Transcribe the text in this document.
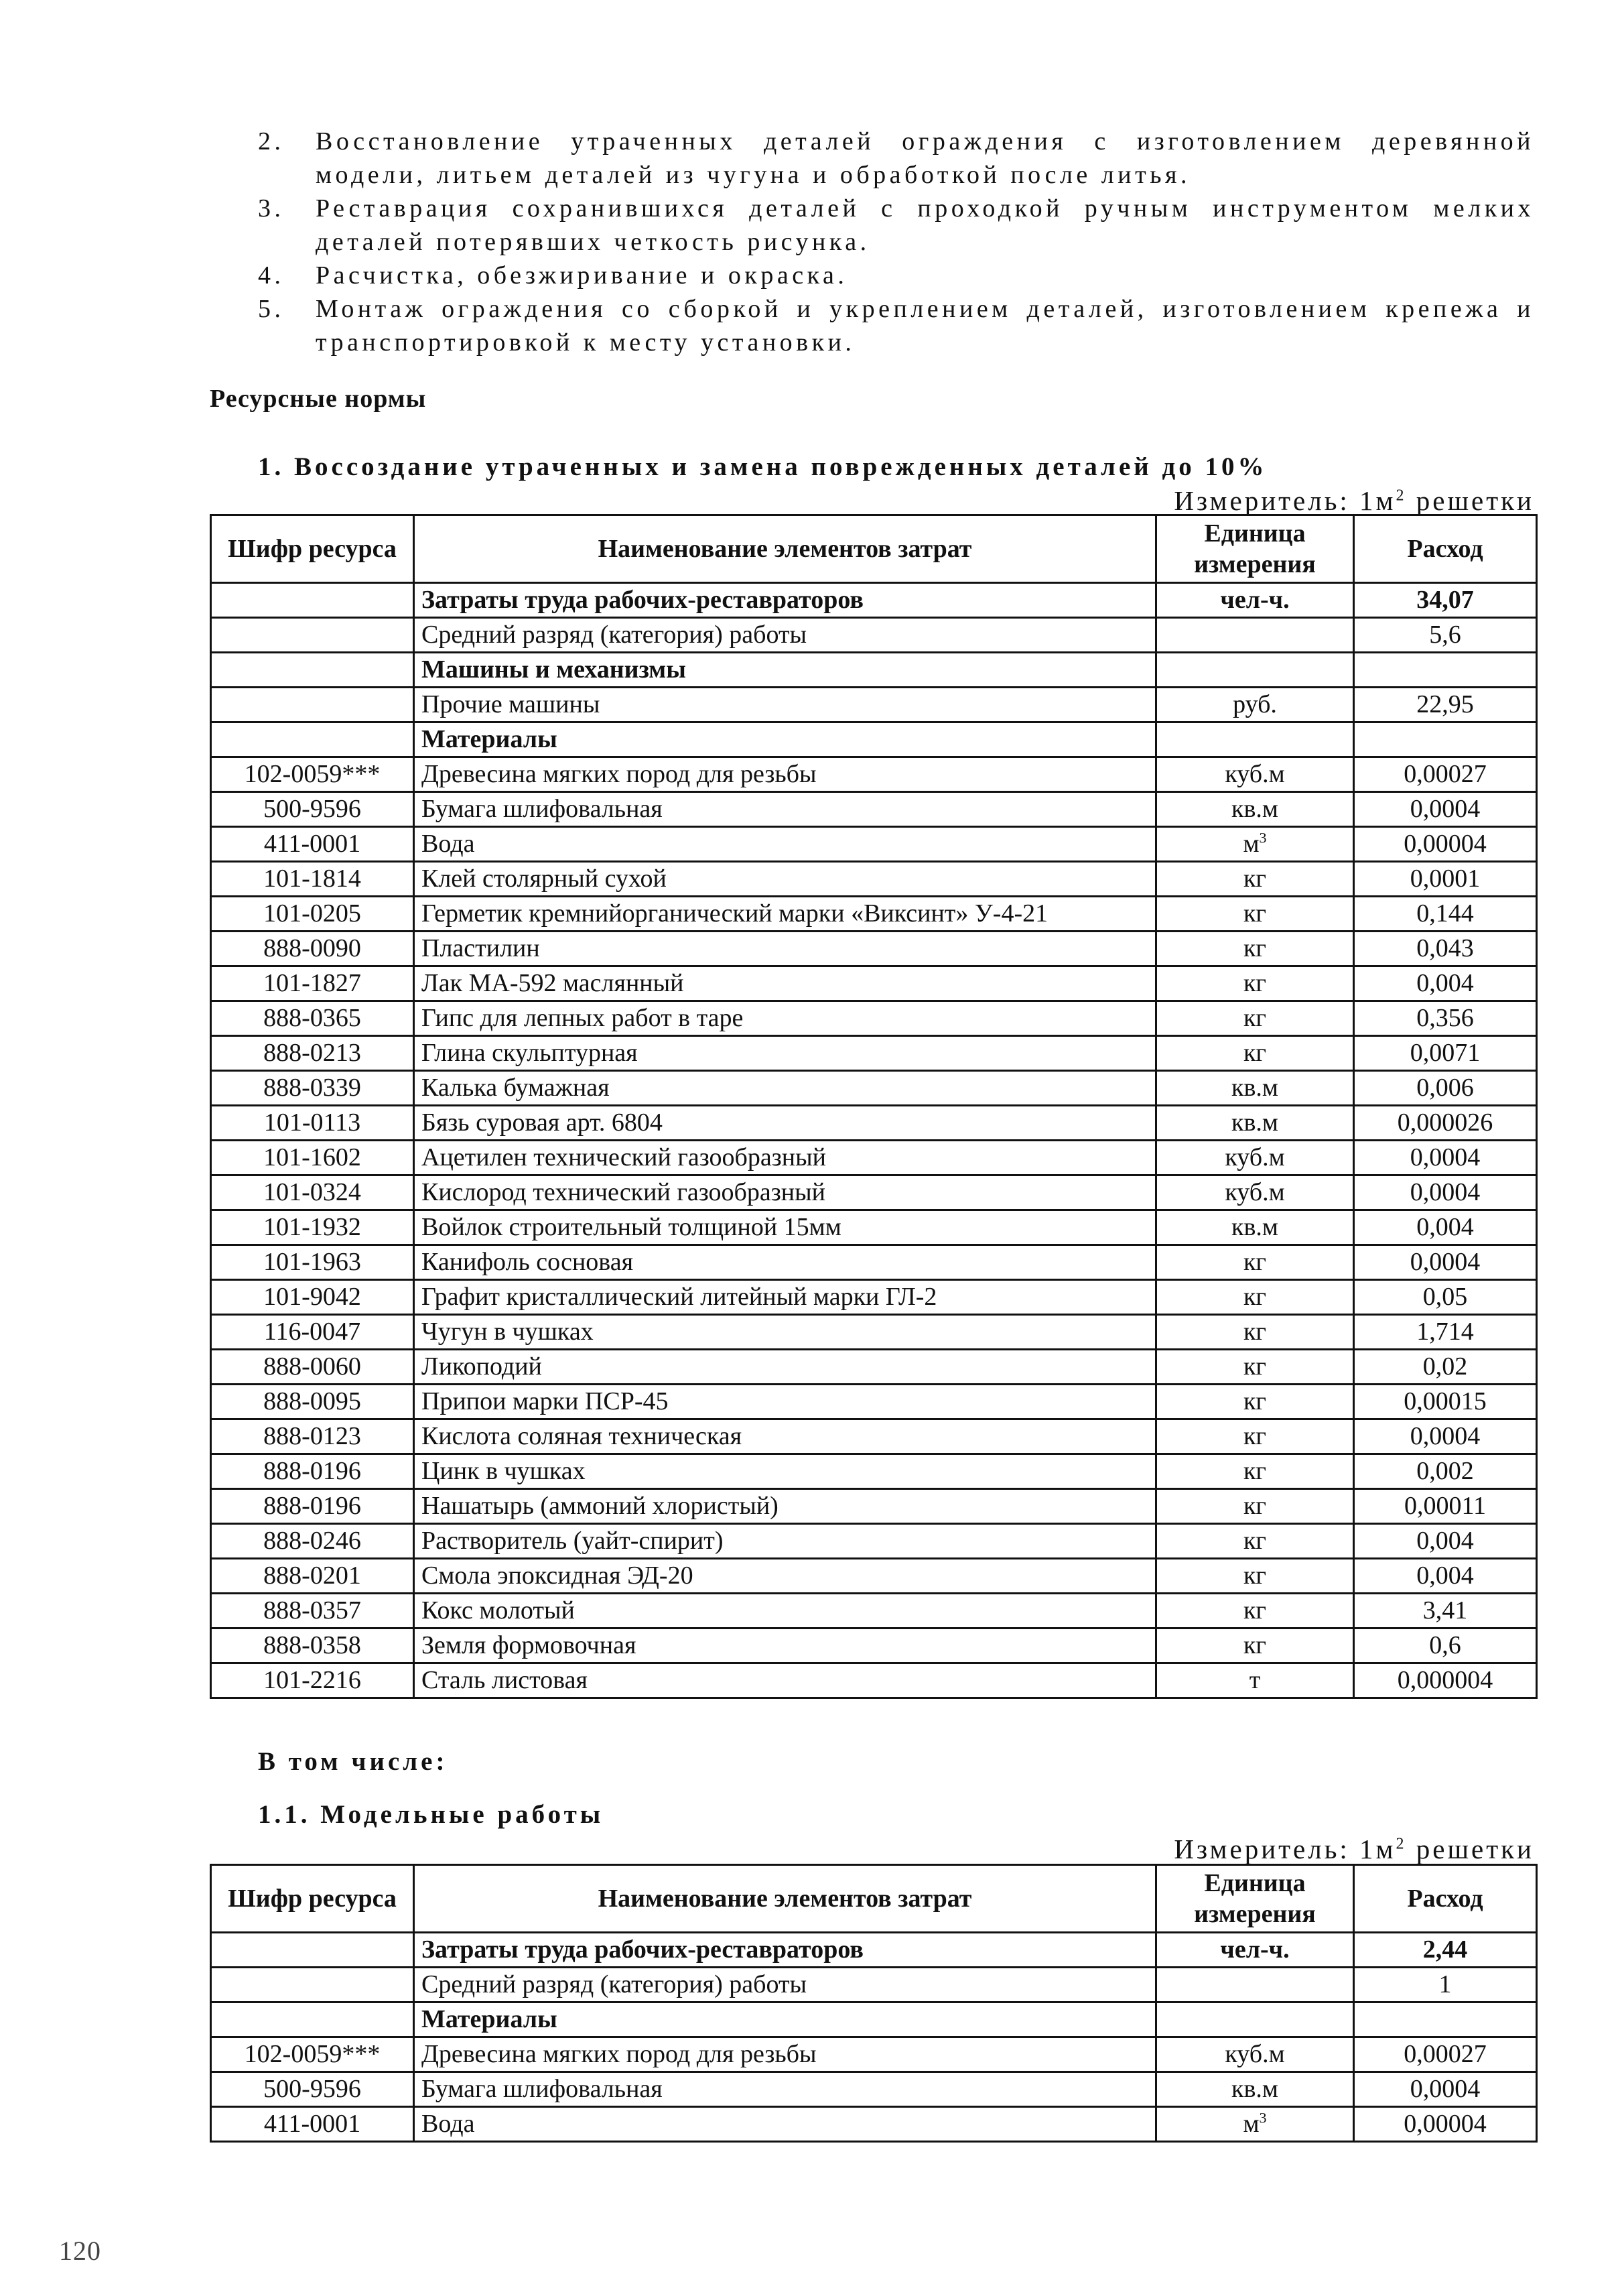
2. Восстановление утраченных деталей ограждения с изготовлением деревянной модели, литьем деталей из чугуна и обработкой после литья.
3. Реставрация сохранившихся деталей с проходкой ручным инструментом мелких деталей потерявших четкость рисунка.
4. Расчистка, обезжиривание и окраска.
5. Монтаж ограждения со сборкой и укреплением деталей, изготовлением крепежа и транспортировкой к месту установки.
Ресурсные нормы
1. Воссоздание утраченных и замена поврежденных деталей до 10%
Измеритель: $1м^2$ решетки
Шифр ресурса	Наименование элементов затрат	Единица измерения	Расход
	Затраты труда рабочих-реставраторов	чел-ч.	34,07
	Средний разряд (категория) работы		5,6
	Машины и механизмы		
	Прочие машины	руб.	22,95
	Материалы		
102-0059***	Древесина мягких пород для резьбы	куб.м	0,00027
500-9596	Бумага шлифовальная	кв.м	0,0004
411-0001	Вода	$м^3$	0,00004
101-1814	Клей столярный сухой	кг	0,0001
101-0205	Герметик кремнийорганический марки «Виксинт» У-4-21	кг	0,144
888-0090	Пластилин	кг	0,043
101-1827	Лак МА-592 маслянный	кг	0,004
888-0365	Гипс для лепных работ в таре	кг	0,356
888-0213	Глина скульптурная	кг	0,0071
888-0339	Калька бумажная	кв.м	0,006
101-0113	Бязь суровая арт. 6804	кв.м	0,000026
101-1602	Ацетилен технический газообразный	куб.м	0,0004
101-0324	Кислород технический газообразный	куб.м	0,0004
101-1932	Войлок строительный толщиной 15мм	кв.м	0,004
101-1963	Канифоль сосновая	кг	0,0004
101-9042	Графит кристаллический литейный марки ГЛ-2	кг	0,05
116-0047	Чугун в чушках	кг	1,714
888-0060	Ликоподий	кг	0,02
888-0095	Припои марки ПСР-45	кг	0,00015
888-0123	Кислота соляная техническая	кг	0,0004
888-0196	Цинк в чушках	кг	0,002
888-0196	Нашатырь (аммоний хлористый)	кг	0,00011
888-0246	Растворитель (уайт-спирит)	кг	0,004
888-0201	Смола эпоксидная ЭД-20	кг	0,004
888-0357	Кокс молотый	кг	3,41
888-0358	Земля формовочная	кг	0,6
101-2216	Сталь листовая	т	0,000004
В том числе:
1.1. Модельные работы
Измеритель: $1м^2$ решетки
Шифр ресурса	Наименование элементов затрат	Единица измерения	Расход
	Затраты труда рабочих-реставраторов	чел-ч.	2,44
	Средний разряд (категория) работы		1
	Материалы		
102-0059***	Древесина мягких пород для резьбы	куб.м	0,00027
500-9596	Бумага шлифовальная	кв.м	0,0004
411-0001	Вода	$м^3$	0,00004
120
